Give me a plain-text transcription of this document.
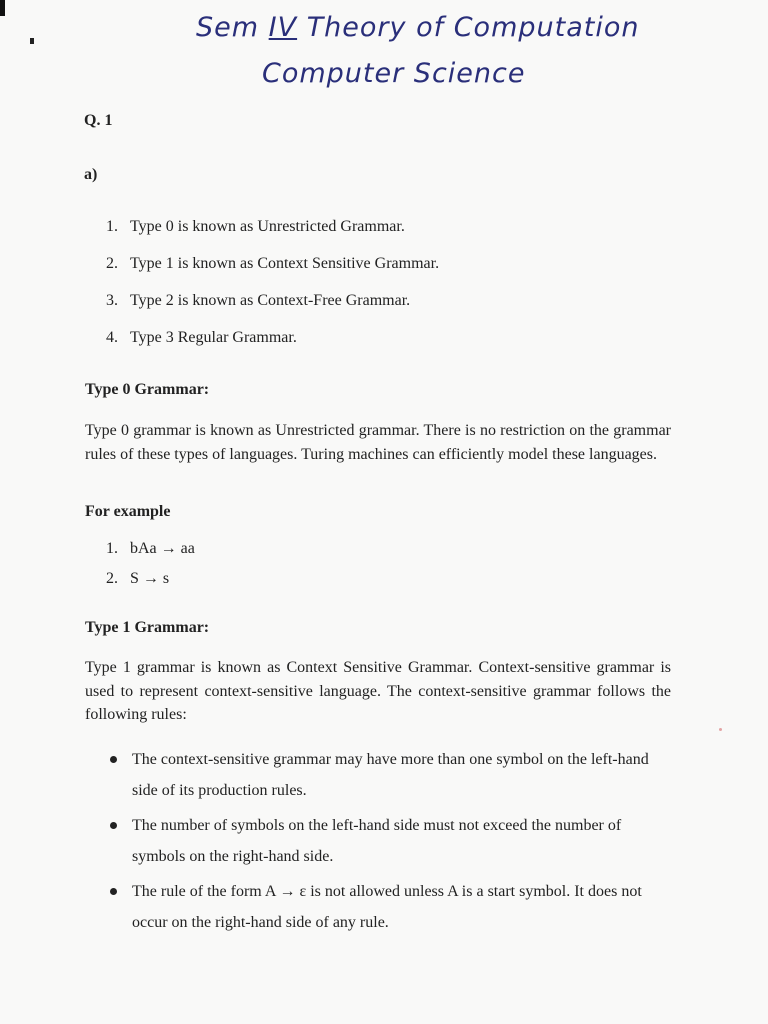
Sem IV Theory of Computation
Computer Science
Q. 1
a)
1. Type 0 is known as Unrestricted Grammar.
2. Type 1 is known as Context Sensitive Grammar.
3. Type 2 is known as Context-Free Grammar.
4. Type 3 Regular Grammar.
Type 0 Grammar:

Type 0 grammar is known as Unrestricted grammar. There is no restriction on the grammar rules of these types of languages. Turing machines can efficiently model these languages.

For example
1. bAa → aa
2. S → s
Type 1 Grammar:

Type 1 grammar is known as Context Sensitive Grammar. Context-sensitive grammar is used to represent context-sensitive language. The context-sensitive grammar follows the following rules:

The context-sensitive grammar may have more than one symbol on the left-hand side of its production rules.
The number of symbols on the left-hand side must not exceed the number of symbols on the right-hand side.
The rule of the form A → ε is not allowed unless A is a start symbol. It does not occur on the right-hand side of any rule.
